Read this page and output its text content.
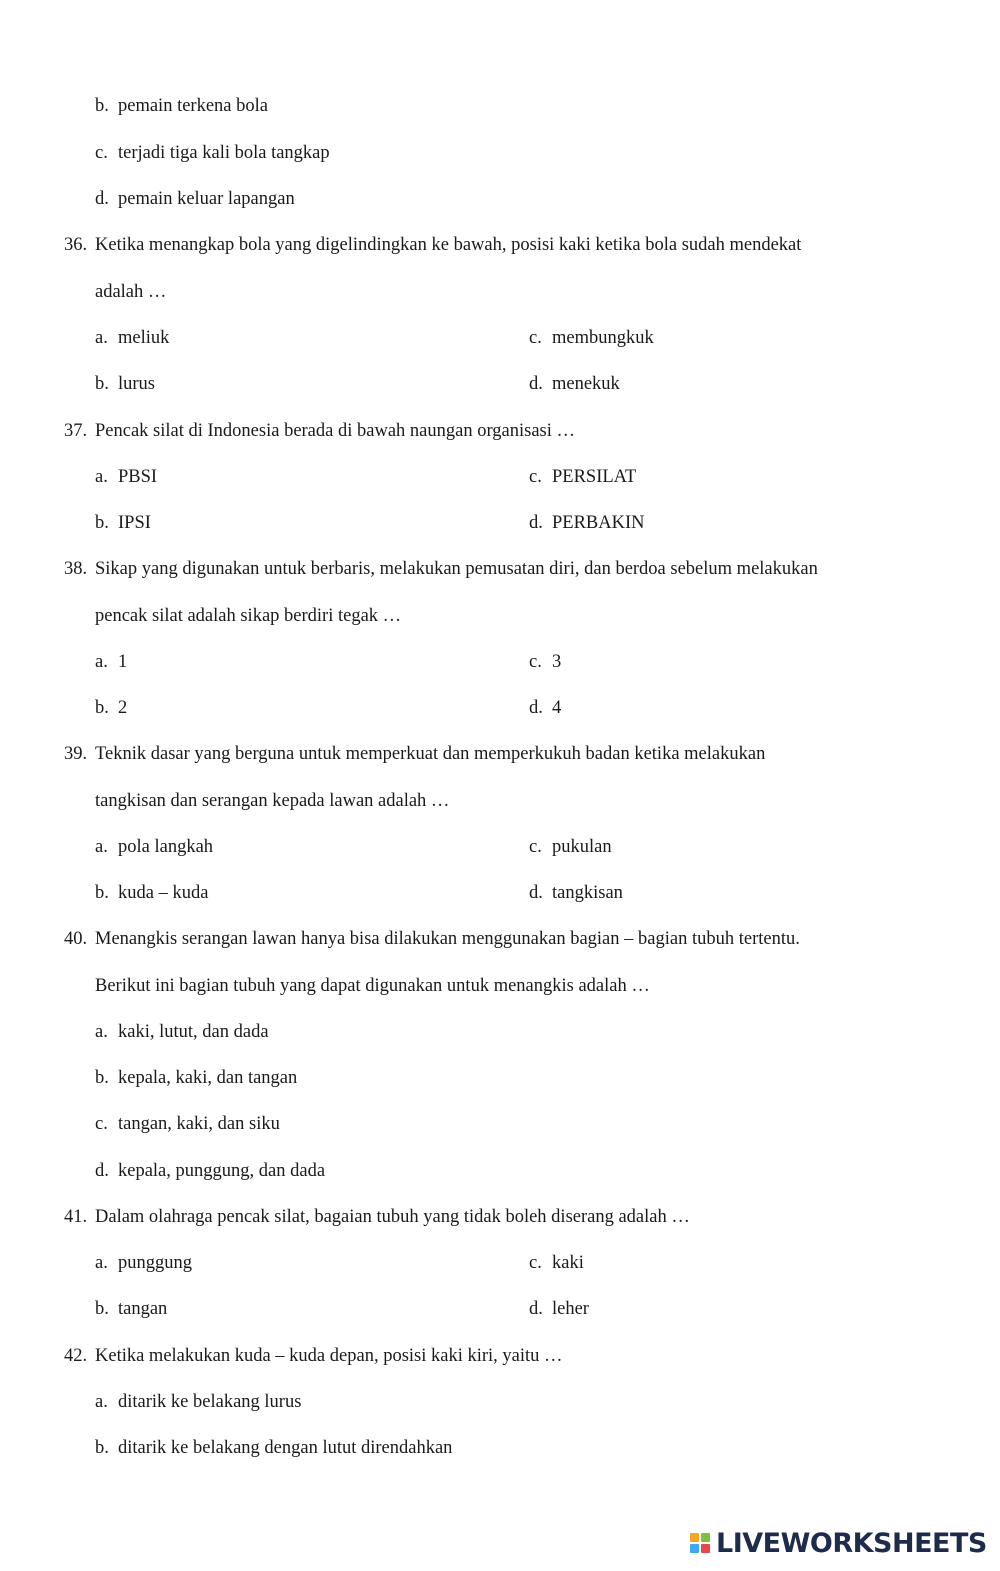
b. pemain terkena bola
c. terjadi tiga kali bola tangkap
d. pemain keluar lapangan
36. Ketika menangkap bola yang digelindingkan ke bawah, posisi kaki ketika bola sudah mendekat
adalah …
a. meliuk	c. membungkuk
b. lurus	d. menekuk
37. Pencak silat di Indonesia berada di bawah naungan organisasi …
a. PBSI	c. PERSILAT
b. IPSI	d. PERBAKIN
38. Sikap yang digunakan untuk berbaris, melakukan pemusatan diri, dan berdoa sebelum melakukan
pencak silat adalah sikap berdiri tegak …
a. 1	c. 3
b. 2	d. 4
39. Teknik dasar yang berguna untuk memperkuat dan memperkukuh badan ketika melakukan
tangkisan dan serangan kepada lawan adalah …
a. pola langkah	c. pukulan
b. kuda – kuda	d. tangkisan
40. Menangkis serangan lawan hanya bisa dilakukan menggunakan bagian – bagian tubuh tertentu.
Berikut ini bagian tubuh yang dapat digunakan untuk menangkis adalah …
a. kaki, lutut, dan dada
b. kepala, kaki, dan tangan
c. tangan, kaki, dan siku
d. kepala, punggung, dan dada
41. Dalam olahraga pencak silat, bagaian tubuh yang tidak boleh diserang adalah …
a. punggung	c. kaki
b. tangan	d. leher
42. Ketika melakukan kuda – kuda depan, posisi kaki kiri, yaitu …
a. ditarik ke belakang lurus
b. ditarik ke belakang dengan lutut direndahkan
LIVEWORKSHEETS
